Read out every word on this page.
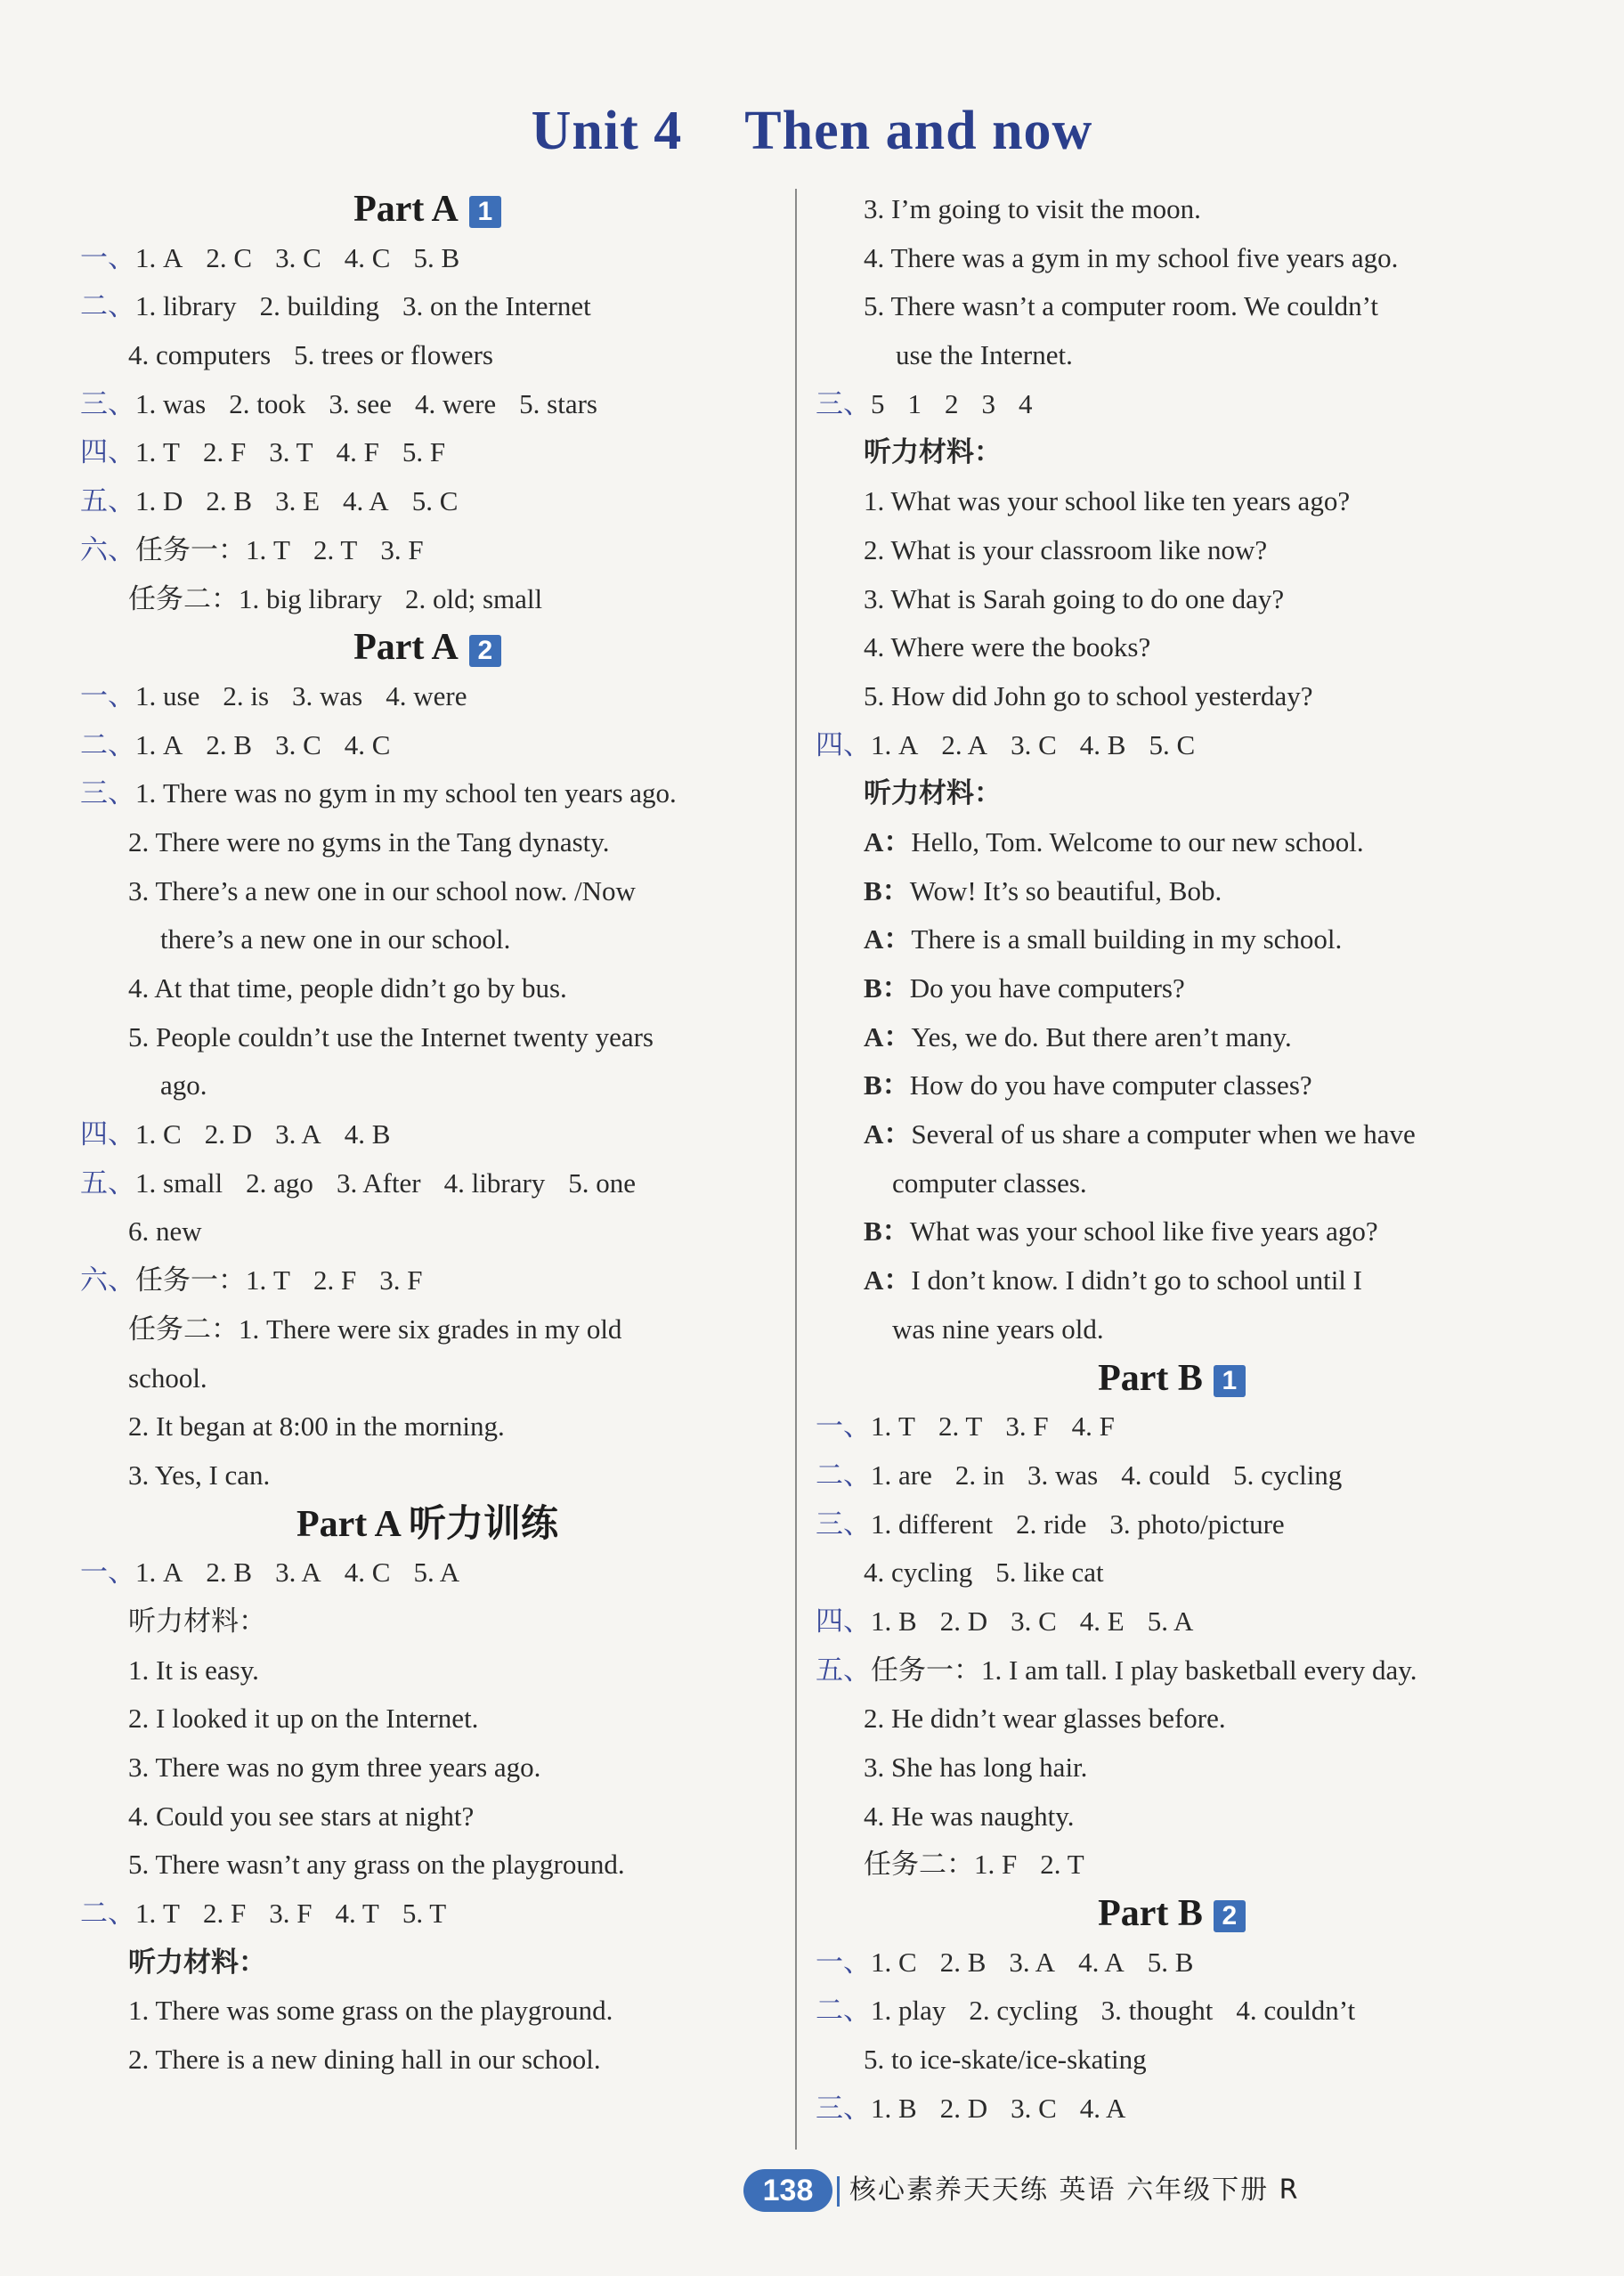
Unit 4 Then and now
Part A 1
一、1. A 2. C 3. C 4. C 5. B
二、1. library 2. building 3. on the Internet
4. computers 5. trees or flowers
三、1. was 2. took 3. see 4. were 5. stars
四、1. T 2. F 3. T 4. F 5. F
五、1. D 2. B 3. E 4. A 5. C
六、任务一：1. T 2. T 3. F
任务二：1. big library 2. old; small
Part A 2
一、1. use 2. is 3. was 4. were
二、1. A 2. B 3. C 4. C
三、1. There was no gym in my school ten years ago.
2. There were no gyms in the Tang dynasty.
3. There’s a new one in our school now. /Now
there’s a new one in our school.
4. At that time, people didn’t go by bus.
5. People couldn’t use the Internet twenty years
ago.
四、1. C 2. D 3. A 4. B
五、1. small 2. ago 3. After 4. library 5. one
6. new
六、任务一：1. T 2. F 3. F
任务二：1. There were six grades in my old
school.
2. It began at 8:00 in the morning.
3. Yes, I can.
Part A 听力训练
一、1. A 2. B 3. A 4. C 5. A
听力材料：
1. It is easy.
2. I looked it up on the Internet.
3. There was no gym three years ago.
4. Could you see stars at night?
5. There wasn’t any grass on the playground.
二、1. T 2. F 3. F 4. T 5. T
听力材料：
1. There was some grass on the playground.
2. There is a new dining hall in our school.
3. I’m going to visit the moon.
4. There was a gym in my school five years ago.
5. There wasn’t a computer room. We couldn’t
use the Internet.
三、5 1 2 3 4
听力材料：
1. What was your school like ten years ago?
2. What is your classroom like now?
3. What is Sarah going to do one day?
4. Where were the books?
5. How did John go to school yesterday?
四、1. A 2. A 3. C 4. B 5. C
听力材料：
A：Hello, Tom. Welcome to our new school.
B：Wow! It’s so beautiful, Bob.
A：There is a small building in my school.
B：Do you have computers?
A：Yes, we do. But there aren’t many.
B：How do you have computer classes?
A：Several of us share a computer when we have
computer classes.
B：What was your school like five years ago?
A：I don’t know. I didn’t go to school until I
was nine years old.
Part B 1
一、1. T 2. T 3. F 4. F
二、1. are 2. in 3. was 4. could 5. cycling
三、1. different 2. ride 3. photo/picture
4. cycling 5. like cat
四、1. B 2. D 3. C 4. E 5. A
五、任务一：1. I am tall. I play basketball every day.
2. He didn’t wear glasses before.
3. She has long hair.
4. He was naughty.
任务二：1. F 2. T
Part B 2
一、1. C 2. B 3. A 4. A 5. B
二、1. play 2. cycling 3. thought 4. couldn’t
5. to ice-skate/ice-skating
三、1. B 2. D 3. C 4. A
138	核心素养天天练 英语 六年级下册 R
